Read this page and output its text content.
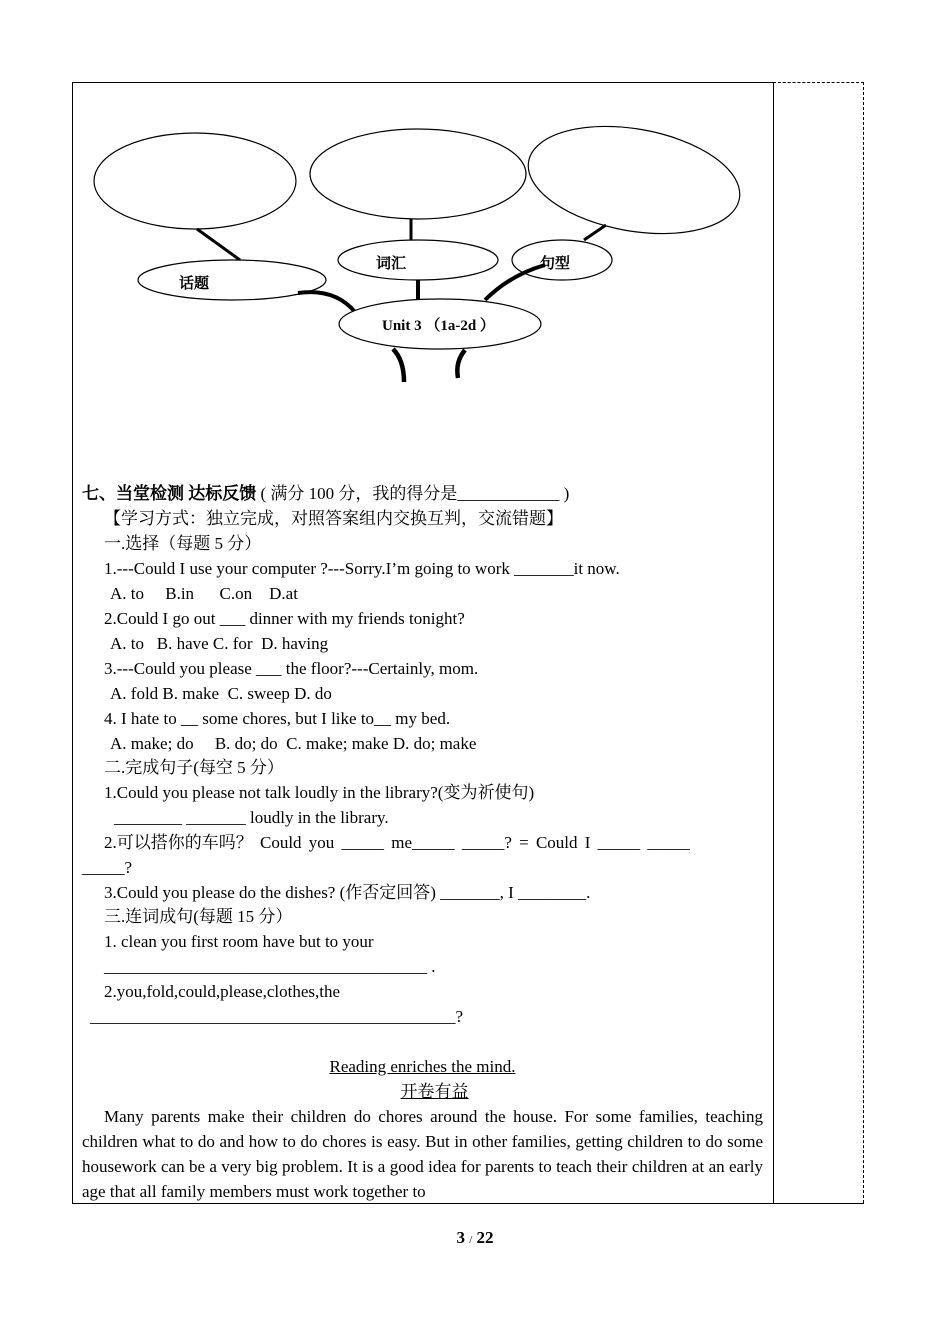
话题
词汇	句型
Unit 3 （1a-2d ）
七、当堂检测 达标反馈 ( 满分 100 分，我的得分是____________ )
【学习方式：独立完成，对照答案组内交换互判，交流错题】
一.选择（每题 5 分）
1.---Could I use your computer ?---Sorry.I’m going to work _______it now.
A. to     B.in      C.on    D.at
2.Could I go out ___ dinner with my friends tonight?
A. to   B. have C. for  D. having
3.---Could you please ___ the floor?---Certainly, mom.
A. fold B. make  C. sweep D. do
4. I hate to __ some chores, but I like to__ my bed.
A. make; do     B. do; do  C. make; make D. do; make
二.完成句子(每空 5 分）
1.Could you please not talk loudly in the library?(变为祈使句)
________ _______ loudly in the library.
2.可以搭你的车吗？ Could you _____ me_____ _____? = Could I _____ _____
_____?
3.Could you please do the dishes? (作否定回答) _______, I ________.
三.连词成句(每题 15 分）
1. clean you first room have but to your
______________________________________ .
2.you,fold,could,please,clothes,the
___________________________________________?
Reading enriches the mind.
开卷有益
Many parents make their children do chores around the house. For some families, teaching children what to do and how to do chores is easy. But in other families, getting children to do some housework can be a very big problem. It is a good idea for parents to teach their children at an early age that all family members must work together to
3 / 22
